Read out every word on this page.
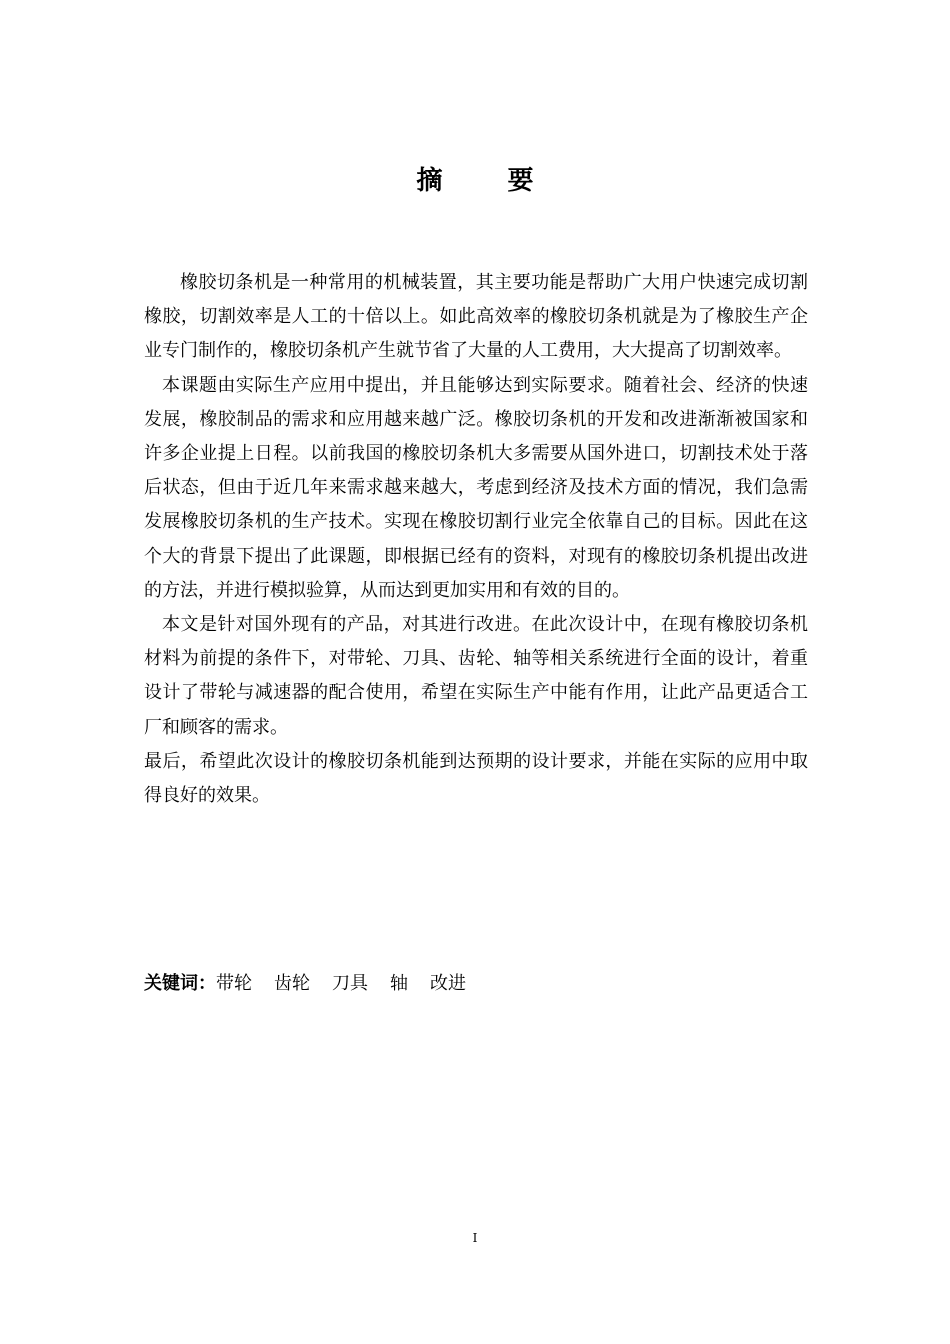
摘 要

橡胶切条机是一种常用的机械装置，其主要功能是帮助广大用户快速完成切割橡胶，切割效率是人工的十倍以上。如此高效率的橡胶切条机就是为了橡胶生产企业专门制作的，橡胶切条机产生就节省了大量的人工费用，大大提高了切割效率。

本课题由实际生产应用中提出，并且能够达到实际要求。随着社会、经济的快速发展，橡胶制品的需求和应用越来越广泛。橡胶切条机的开发和改进渐渐被国家和许多企业提上日程。以前我国的橡胶切条机大多需要从国外进口，切割技术处于落后状态，但由于近几年来需求越来越大，考虑到经济及技术方面的情况，我们急需发展橡胶切条机的生产技术。实现在橡胶切割行业完全依靠自己的目标。因此在这个大的背景下提出了此课题，即根据已经有的资料，对现有的橡胶切条机提出改进的方法，并进行模拟验算，从而达到更加实用和有效的目的。

本文是针对国外现有的产品，对其进行改进。在此次设计中，在现有橡胶切条机材料为前提的条件下，对带轮、刀具、齿轮、轴等相关系统进行全面的设计，着重设计了带轮与减速器的配合使用，希望在实际生产中能有作用，让此产品更适合工厂和顾客的需求。

最后，希望此次设计的橡胶切条机能到达预期的设计要求，并能在实际的应用中取得良好的效果。

关键词：带轮 齿轮 刀具 轴 改进
I
